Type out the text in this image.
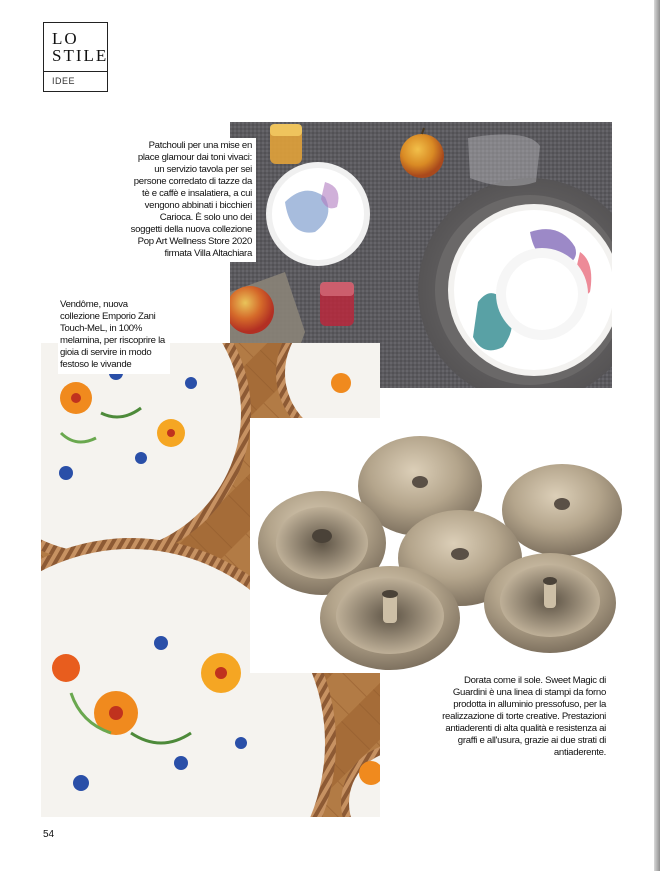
LO
STILE
IDEE
Patchouli per una mise en place glamour dai toni vivaci: un servizio tavola per sei persone corredato di tazze da tè e caffè e insalatiera, a cui vengono abbinati i bicchieri Carioca. È solo uno dei soggetti della nuova collezione Pop Art Wellness Store 2020 firmata Villa Altachiara
Vendôme, nuova collezione Emporio Zani Touch-MeL, in 100% melamina, per riscoprire la gioia di servire in modo festoso le vivande
Dorata come il sole. Sweet Magic di Guardini è una linea di stampi da forno prodotta in alluminio pressofuso, per la realizzazione di torte creative. Prestazioni antiaderenti di alta qualità e resistenza ai graffi e all'usura, grazie ai due strati di antiaderente.
54
